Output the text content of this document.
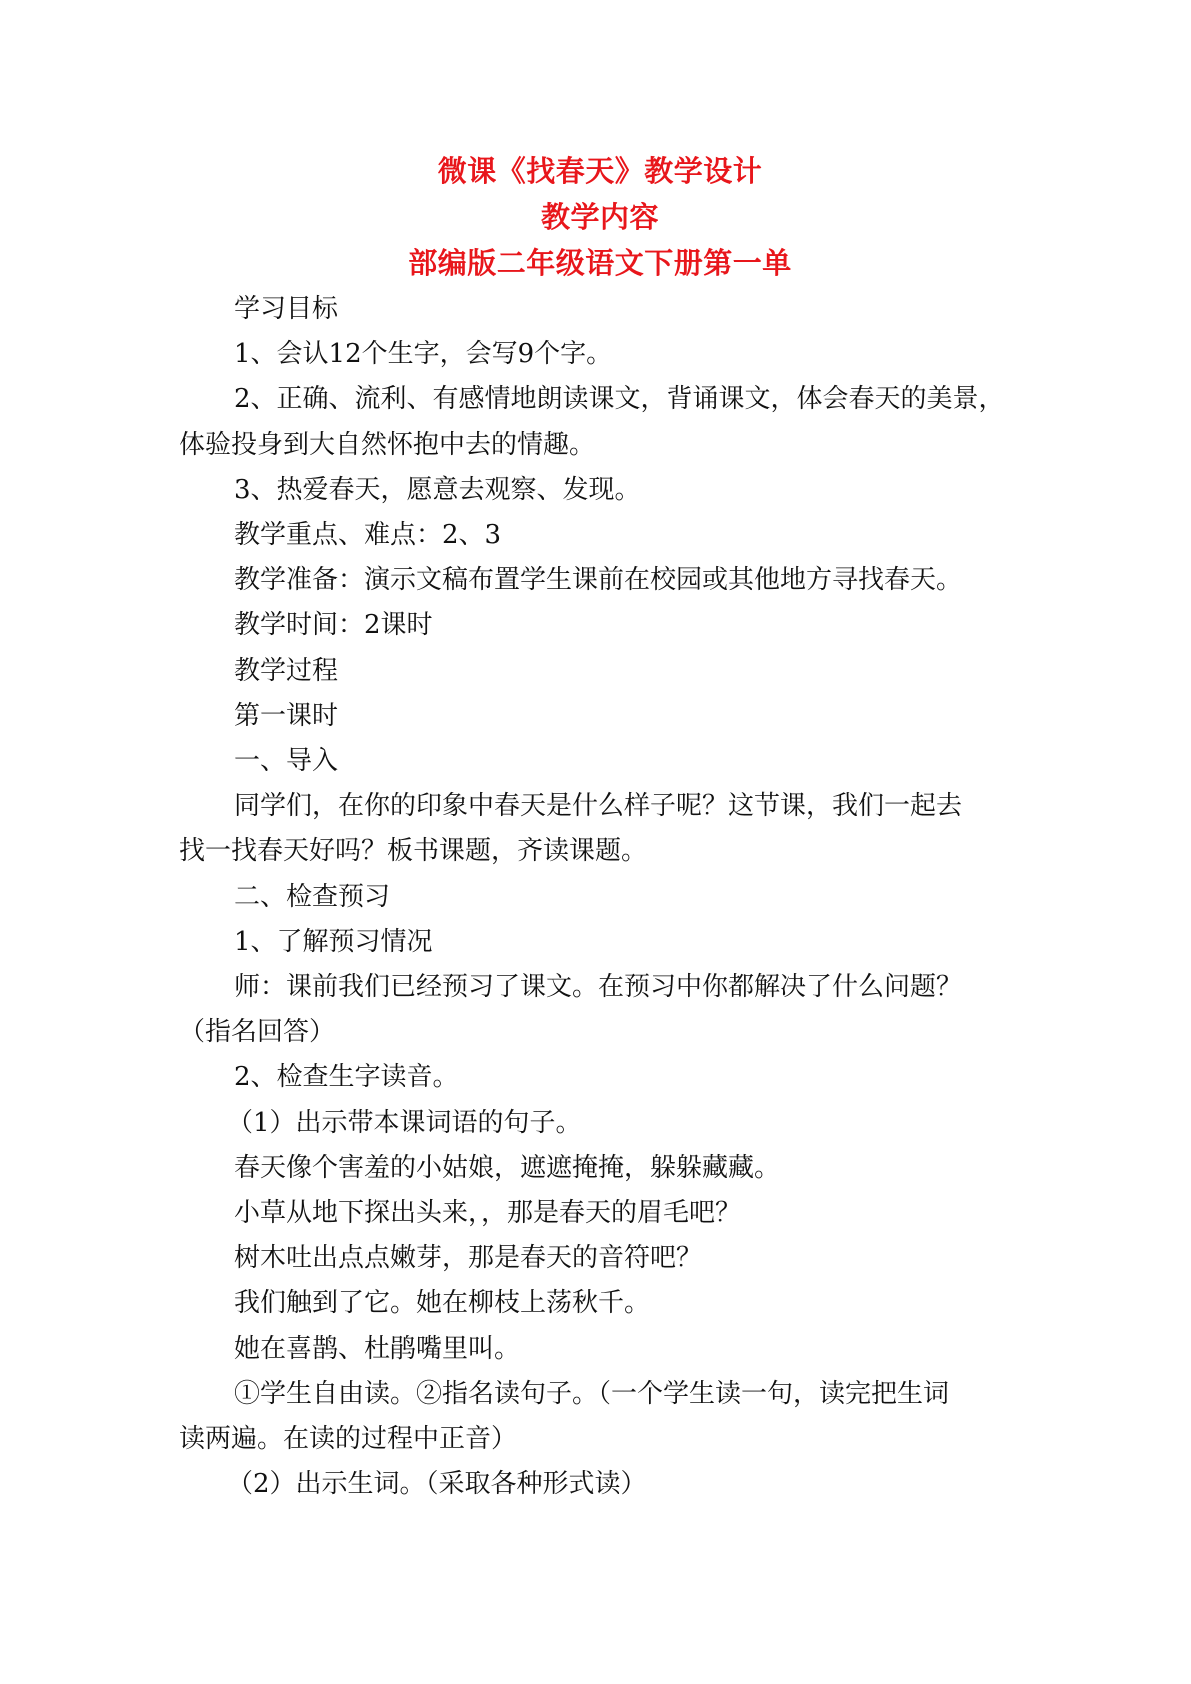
微课《找春天》教学设计
教学内容
部编版二年级语文下册第一单

学习目标

1、会认12个生字，会写9个字。

2、正确、流利、有感情地朗读课文，背诵课文，体会春天的美景，

体验投身到大自然怀抱中去的情趣。

3、热爱春天，愿意去观察、发现。

教学重点、难点：2、3

教学准备：演示文稿布置学生课前在校园或其他地方寻找春天。

教学时间：2课时

教学过程

第一课时

一、导入

同学们，在你的印象中春天是什么样子呢？这节课，我们一起去

找一找春天好吗？板书课题，齐读课题。

二、检查预习

1、了解预习情况

师：课前我们已经预习了课文。在预习中你都解决了什么问题？

（指名回答）

2、检查生字读音。

（1）出示带本课词语的句子。

春天像个害羞的小姑娘，遮遮掩掩，躲躲藏藏。

小草从地下探出头来，，那是春天的眉毛吧？

树木吐出点点嫩芽，那是春天的音符吧？

我们触到了它。她在柳枝上荡秋千。

她在喜鹊、杜鹃嘴里叫。

①学生自由读。②指名读句子。（一个学生读一句，读完把生词

读两遍。在读的过程中正音）

（2）出示生词。（采取各种形式读）
